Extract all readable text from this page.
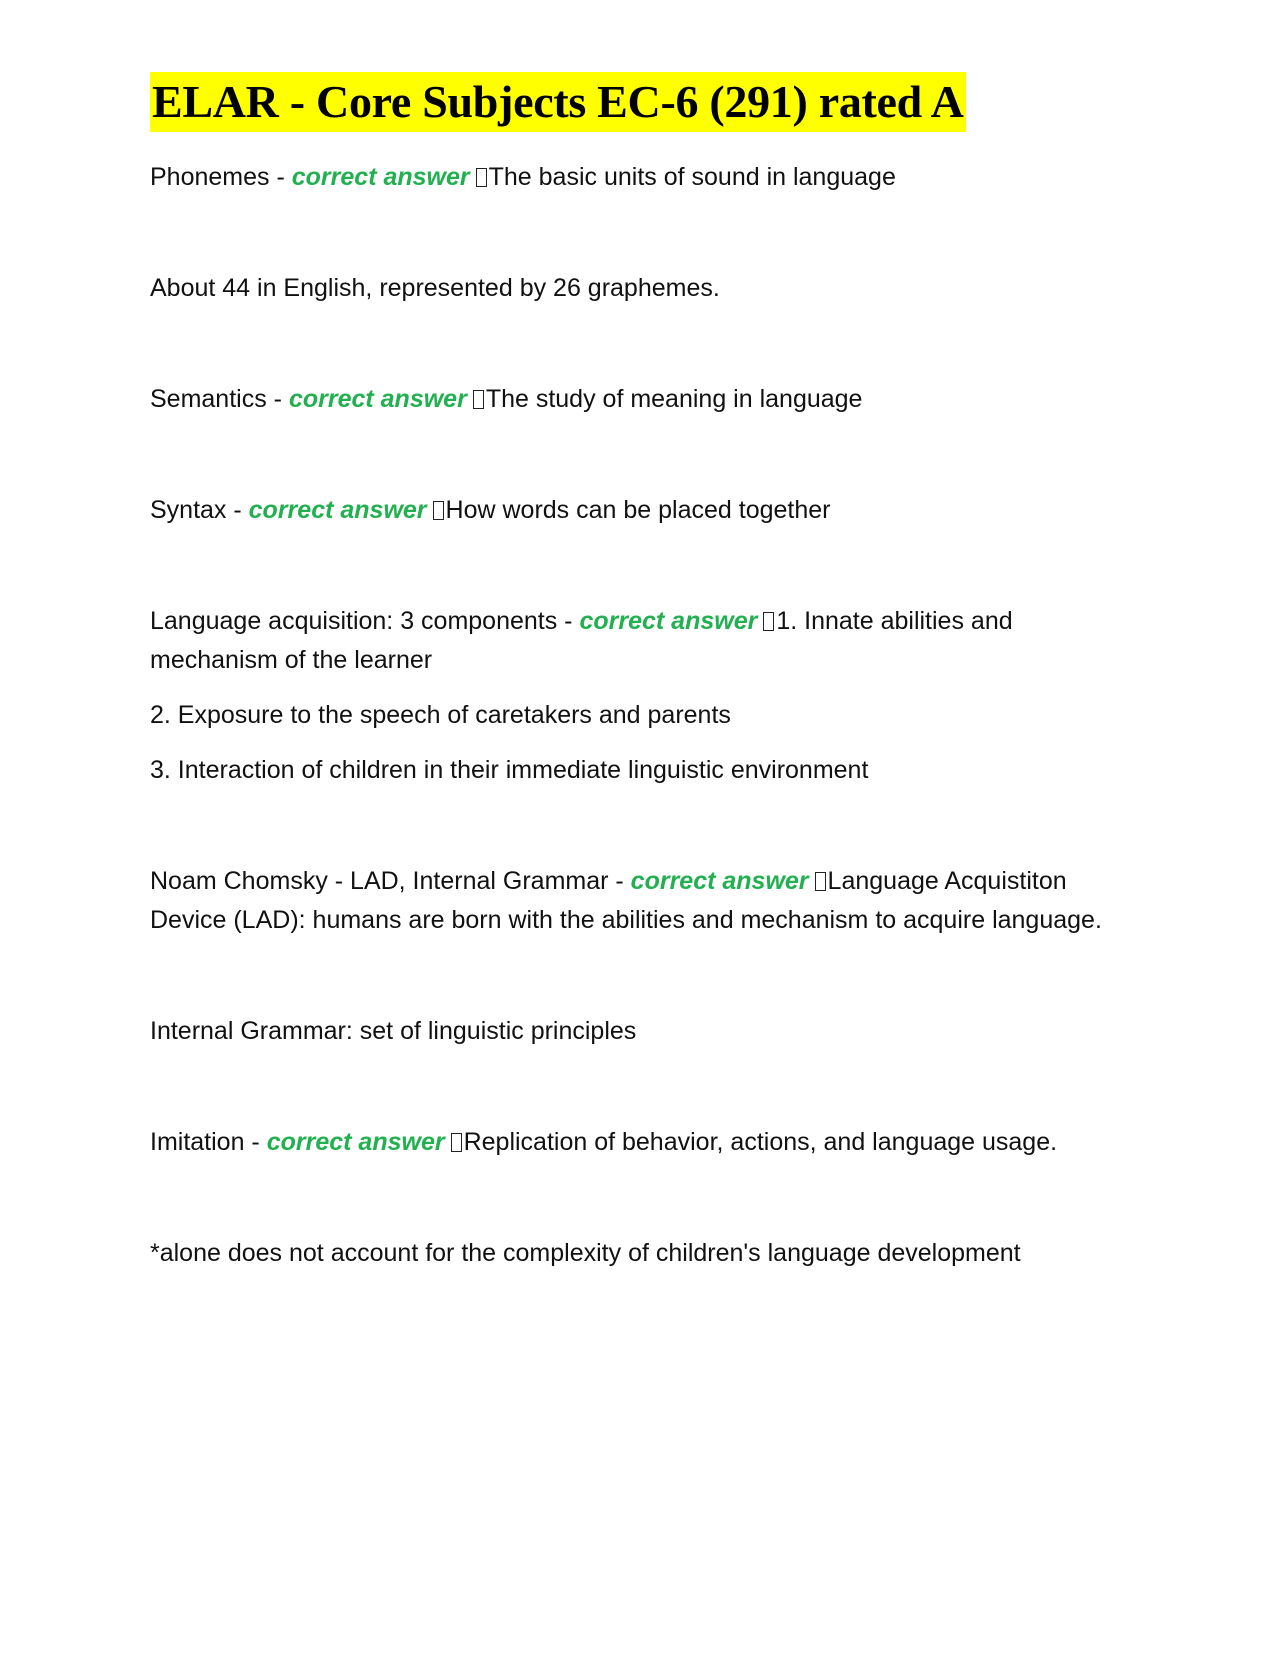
ELAR - Core Subjects EC-6 (291) rated A

Phonemes - correct answer The basic units of sound in language

About 44 in English, represented by 26 graphemes.

Semantics - correct answer The study of meaning in language

Syntax - correct answer How words can be placed together

Language acquisition: 3 components - correct answer 1. Innate abilities and mechanism of the learner

2. Exposure to the speech of caretakers and parents

3. Interaction of children in their immediate linguistic environment

Noam Chomsky - LAD, Internal Grammar - correct answer Language Acquistiton Device (LAD): humans are born with the abilities and mechanism to acquire language.

Internal Grammar: set of linguistic principles

Imitation - correct answer Replication of behavior, actions, and language usage.

*alone does not account for the complexity of children's language development
